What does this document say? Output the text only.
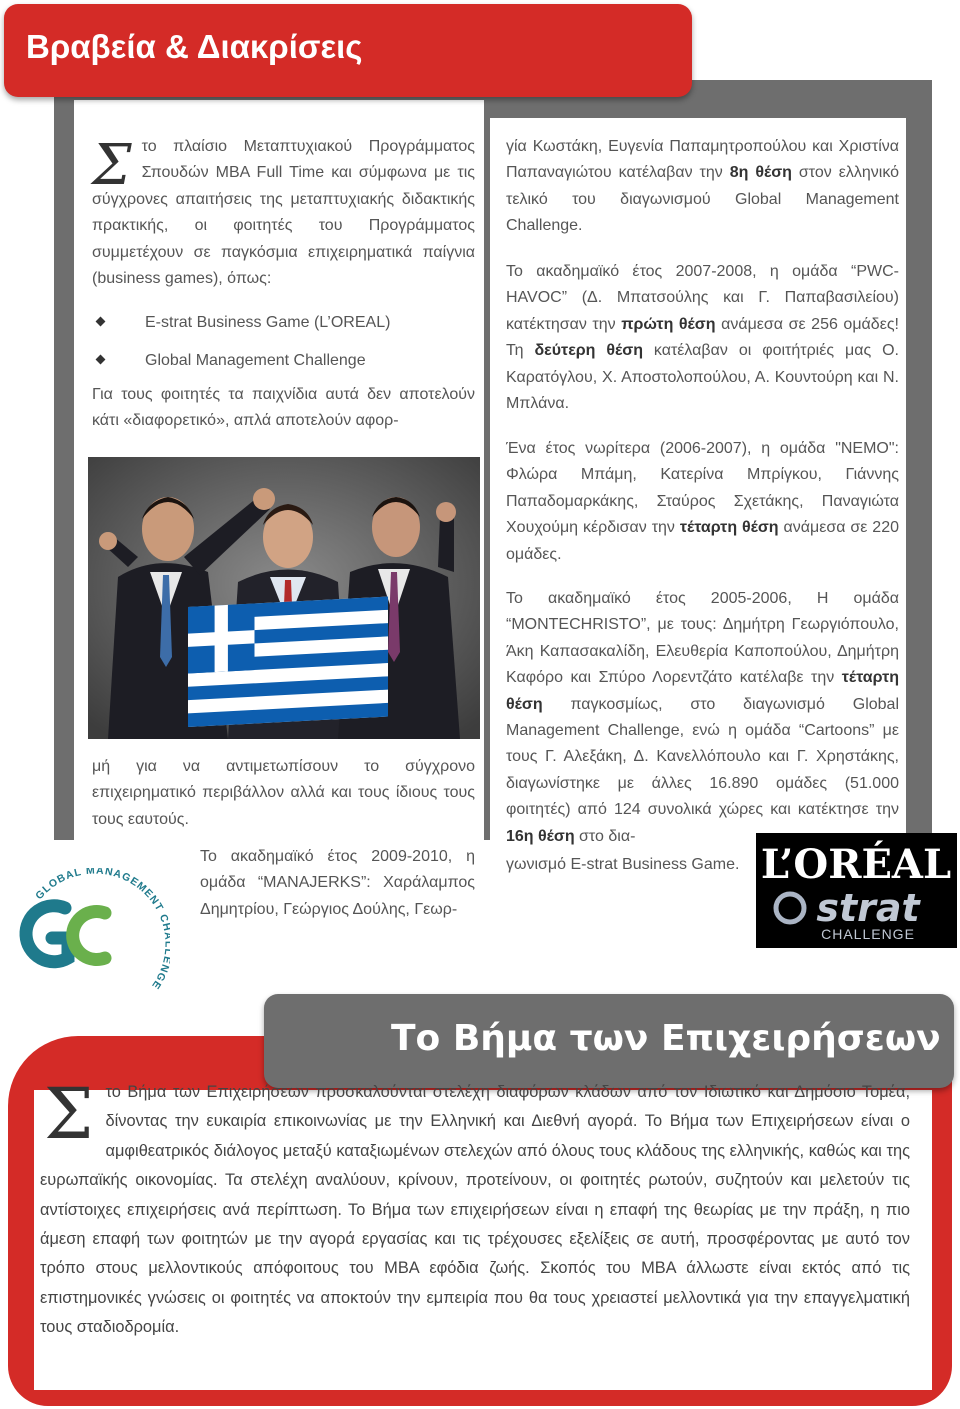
Βραβεία & Διακρίσεις
Στο πλαίσιο Μεταπτυχιακού Προγράμματος Σπουδών MBA Full Time και σύμφωνα με τις σύγχρονες απαιτήσεις της μεταπτυχιακής διδακτικής πρακτικής, οι φοιτητές του Προγράμματος συμμετέχουν σε παγκόσμια επιχειρηματικά παίγνια (business games), όπως:
E-strat Business Game (L’OREAL)
Global Management Challenge
Για τους φοιτητές τα παιχνίδια αυτά δεν αποτελούν κάτι «διαφορετικό», απλά αποτελούν αφορ-
μή για να αντιμετωπίσουν το σύγχρονο επιχειρηματικό περιβάλλον αλλά και τους ίδιους τους τους εαυτούς.
Το ακαδημαϊκό έτος 2009-2010, η ομάδα “MANAJERKS”: Χαράλαμπος Δημητρίου, Γεώργιος Δούλης, Γεωρ-
γία Κωστάκη, Ευγενία Παπαμητροπούλου και Χριστίνα Παπαναγιώτου κατέλαβαν την 8η θέση στον ελληνικό τελικό του διαγωνισμού Global Management Challenge.
Το ακαδημαϊκό έτος 2007-2008, η ομάδα “PWC-HAVOC” (Δ. Μπατσούλης και Γ. Παπαβασιλείου) κατέκτησαν την πρώτη θέση ανάμεσα σε 256 ομάδες! Τη δεύτερη θέση κατέλαβαν οι φοιτήτριές μας Ο. Καρατόγλου, Χ. Αποστολοπούλου, Α. Κουντούρη και Ν. Μπλάνα.
Ένα έτος νωρίτερα (2006-2007), η ομάδα "NEMO": Φλώρα Μπάμη, Κατερίνα Μπρίγκου, Γιάννης Παπαδομαρκάκης, Σταύρος Σχετάκης, Παναγιώτα Χουχούμη κέρδισαν την τέταρτη θέση ανάμεσα σε 220 ομάδες.
Το ακαδημαϊκό έτος 2005-2006, Η ομάδα “MONTECHRISTO”, με τους: Δημήτρη Γεωργιόπουλο, Άκη Καπασακαλίδη, Ελευθερία Καποπούλου, Δημήτρη Καφόρο και Σπύρο Λορεντζάτο κατέλαβε την τέταρτη θέση παγκοσμίως, στο διαγωνισμό Global Management Challenge, ενώ η ομάδα “Cartoons” με τους Γ. Αλεξάκη, Δ. Κανελλόπουλο και Γ. Χρηστάκης, διαγωνίστηκε με άλλες 16.890 ομάδες (51.000 φοιτητές) από 124 συνολικά χώρες και κατέκτησε την 16η θέση στο δια-
γωνισμό E-strat Business Game.
GLOBAL MANAGEMENT C NGE
L’ORÉAL
strat
CHALLENGE
Το Βήμα των Επιχειρήσεων
Στο Βήμα των Επιχειρήσεων προσκαλούνται στελέχη διαφόρων κλάδων από τον Ιδιωτικό και Δημόσιο Τομέα, δίνοντας την ευκαιρία επικοινωνίας με την Ελληνική και Διεθνή αγορά. Το Βήμα των Επιχειρήσεων είναι ο αμφιθεατρικός διάλογος μεταξύ καταξιωμένων στελεχών από όλους τους κλάδους της ελληνικής, καθώς και της ευρωπαϊκής οικονομίας. Τα στελέχη αναλύουν, κρίνουν, προτείνουν, οι φοιτητές ρωτούν, συζητούν και μελετούν τις αντίστοιχες επιχειρήσεις ανά περίπτωση. Το Βήμα των επιχειρήσεων είναι η επαφή της θεωρίας με την πράξη, η πιο άμεση επαφή των φοιτητών με την αγορά εργασίας και τις τρέχουσες εξελίξεις σε αυτή, προσφέροντας με αυτό τον τρόπο στους μελλοντικούς απόφοιτους του MBA εφόδια ζωής. Σκοπός του MBA άλλωστε είναι εκτός από τις επιστημονικές γνώσεις οι φοιτητές να αποκτούν την εμπειρία που θα τους χρειαστεί μελλοντικά για την επαγγελματική τους σταδιοδρομία.
